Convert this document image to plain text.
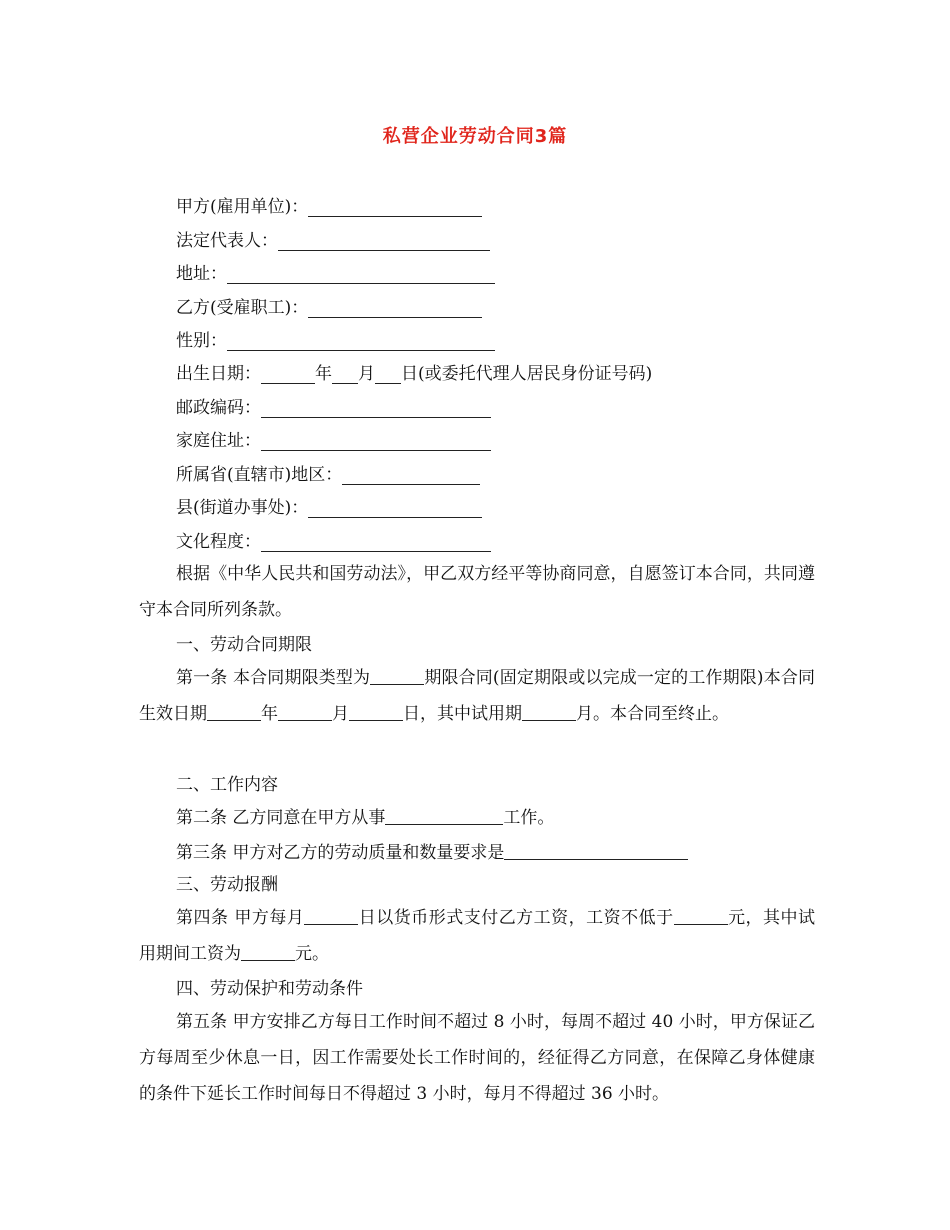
私营企业劳动合同3篇
甲方(雇用单位)：
法定代表人：
地址：
乙方(受雇职工)：
性别：
出生日期：	年 月 日(或委托代理人居民身份证号码)
邮政编码：
家庭住址：
所属省(直辖市)地区：
县(街道办事处)：
文化程度：
根据《中华人民共和国劳动法》，甲乙双方经平等协商同意，自愿签订本合同，共同遵守本合同所列条款。
一、劳动合同期限
第一条 本合同期限类型为	期限合同(固定期限或以完成一定的工作期限)本合同生效日期	年	月	日，其中试用期	月。本合同至终止。
二、工作内容
第二条 乙方同意在甲方从事	工作。
第三条 甲方对乙方的劳动质量和数量要求是
三、劳动报酬
第四条 甲方每月	日以货币形式支付乙方工资，工资不低于	元，其中试用期间工资为	元。
四、劳动保护和劳动条件
第五条 甲方安排乙方每日工作时间不超过 8 小时，每周不超过 40 小时，甲方保证乙方每周至少休息一日，因工作需要处长工作时间的，经征得乙方同意，在保障乙身体健康的条件下延长工作时间每日不得超过 3 小时，每月不得超过 36 小时。
